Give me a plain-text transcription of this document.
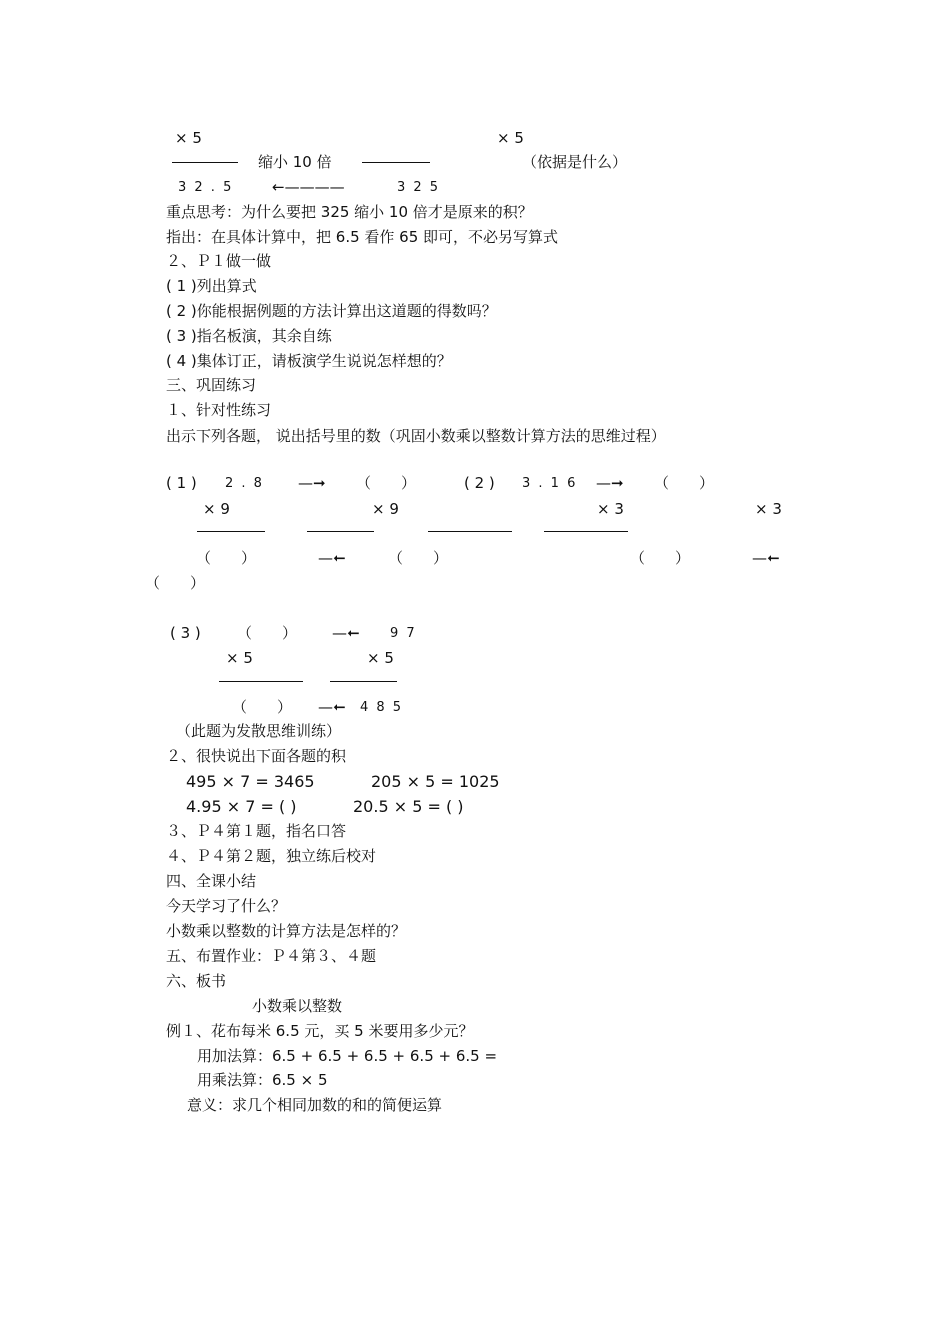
× 5	× 5
缩小 10 倍	（依据是什么）
3 2 . 5	←————	3 2 5
重点思考：为什么要把 325 缩小 10 倍才是原来的积？
指出：在具体计算中，把 6.5 看作 65 即可，不必另写算式
２、Ｐ１做一做
( 1 )列出算式
( 2 )你能根据例题的方法计算出这道题的得数吗？
( 3 )指名板演，其余自练
( 4 )集体订正，请板演学生说说怎样想的？
三、巩固练习
１、针对性练习
出示下列各题， 说出括号里的数（巩固小数乘以整数计算方法的思维过程）
( 1 ) 2 . 8 —➞ （　　）	( 2 ) 3 . 1 6 —➞ （　　）
× 9	× 9	× 3	× 3
（　　）	➞—	（　　）	（　　）	➞—
（　　）
( 3 ) （　　） ➞— 9 7
× 5	× 5
（　　） ➞— 4 8 5
（此题为发散思维训练）
２、很快说出下面各题的积
495 × 7 = 3465	205 × 5 = 1025
4.95 × 7 = ( )	20.5 × 5 = ( )
３、Ｐ４第１题，指名口答
４、Ｐ４第２题，独立练后校对
四、全课小结
今天学习了什么？
小数乘以整数的计算方法是怎样的？
五、布置作业：Ｐ４第３、４题
六、板书
小数乘以整数
例１、花布每米 6.5 元，买 5 米要用多少元？
用加法算：6.5 + 6.5 + 6.5 + 6.5 + 6.5 =
用乘法算：6.5 × 5
意义：求几个相同加数的和的简便运算
